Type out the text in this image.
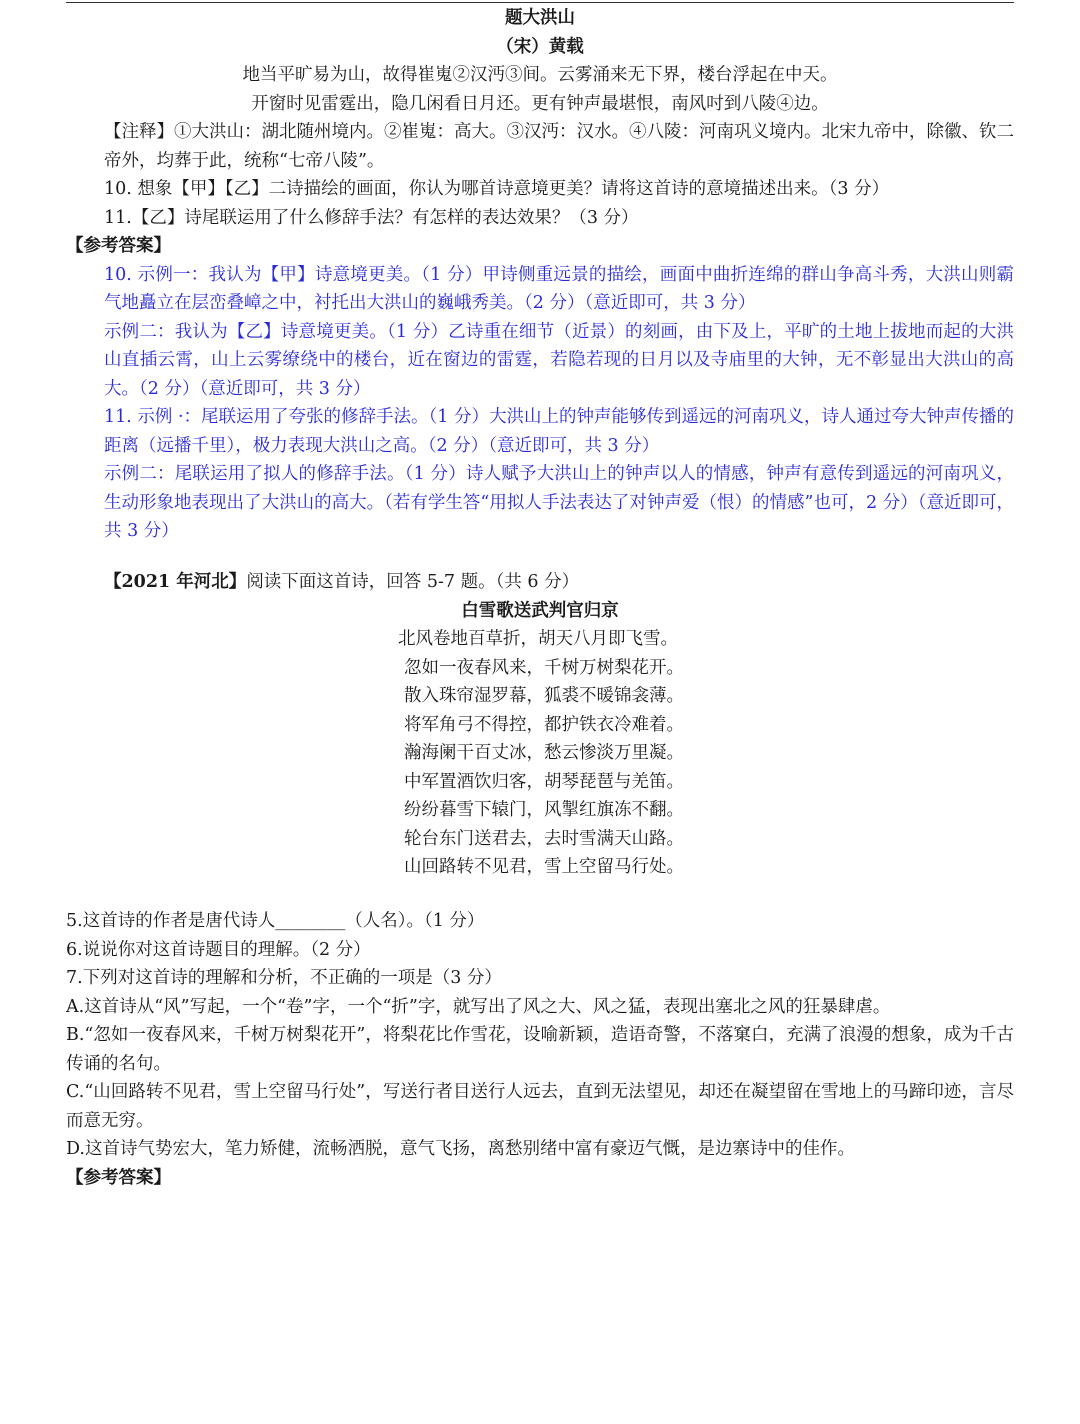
题大洪山
（宋）黄载
地当平旷易为山，故得崔嵬②汉沔③间。云雾涌来无下界，楼台浮起在中天。
开窗时见雷霆出，隐几闲看日月还。更有钟声最堪恨，南风吋到八陵④边。
【注释】①大洪山：湖北随州境内。②崔嵬：高大。③汉沔：汉水。④八陵：河南巩义境内。北宋九帝中，除徽、钦二帝外，均葬于此，统称“七帝八陵”。
10. 想象【甲】【乙】二诗描绘的画面，你认为哪首诗意境更美？请将这首诗的意境描述出来。（3 分）
11.【乙】诗尾联运用了什么修辞手法？有怎样的表达效果？（3 分）
【参考答案】
10. 示例一：我认为【甲】诗意境更美。（1 分）甲诗侧重远景的描绘，画面中曲折连绵的群山争高斗秀，大洪山则霸气地矗立在层峦叠嶂之中，衬托出大洪山的巍峨秀美。（2 分）（意近即可，共 3 分）
示例二：我认为【乙】诗意境更美。（1 分）乙诗重在细节（近景）的刻画，由下及上，平旷的土地上拔地而起的大洪山直插云霄，山上云雾缭绕中的楼台，近在窗边的雷霆，若隐若现的日月以及寺庙里的大钟，无不彰显出大洪山的高大。（2 分）（意近即可，共 3 分）
11. 示例 ·：尾联运用了夸张的修辞手法。（1 分）大洪山上的钟声能够传到遥远的河南巩义，诗人通过夸大钟声传播的距离（远播千里），极力表现大洪山之高。（2 分）（意近即可，共 3 分）
示例二：尾联运用了拟人的修辞手法。（1 分）诗人赋予大洪山上的钟声以人的情感，钟声有意传到遥远的河南巩义，生动形象地表现出了大洪山的高大。（若有学生答“用拟人手法表达了对钟声爱（恨）的情感”也可，2 分）（意近即可，共 3 分）
【2021 年河北】阅读下面这首诗，回答 5-7 题。（共 6 分）
白雪歌送武判官归京
北风卷地百草折，胡天八月即飞雪。
忽如一夜春风来，千树万树梨花开。
散入珠帘湿罗幕，狐裘不暖锦衾薄。
将军角弓不得控，都护铁衣冷难着。
瀚海阑干百丈冰，愁云惨淡万里凝。
中军置酒饮归客，胡琴琵琶与羌笛。
纷纷暮雪下辕门，风掣红旗冻不翻。
轮台东门送君去，去时雪满天山路。
山回路转不见君，雪上空留马行处。
5.这首诗的作者是唐代诗人________（人名）。（1 分）
6.说说你对这首诗题目的理解。（2 分）
7.下列对这首诗的理解和分析，不正确的一项是（3 分）
A.这首诗从“风”写起，一个“卷”字，一个“折”字，就写出了风之大、风之猛，表现出塞北之风的狂暴肆虐。
B.“忽如一夜春风来，千树万树梨花开”，将梨花比作雪花，设喻新颖，造语奇警，不落窠白，充满了浪漫的想象，成为千古传诵的名句。
C.“山回路转不见君，雪上空留马行处”，写送行者目送行人远去，直到无法望见，却还在凝望留在雪地上的马蹄印迹，言尽而意无穷。
D.这首诗气势宏大，笔力矫健，流畅洒脱，意气飞扬，离愁别绪中富有豪迈气慨，是边寨诗中的佳作。
【参考答案】
